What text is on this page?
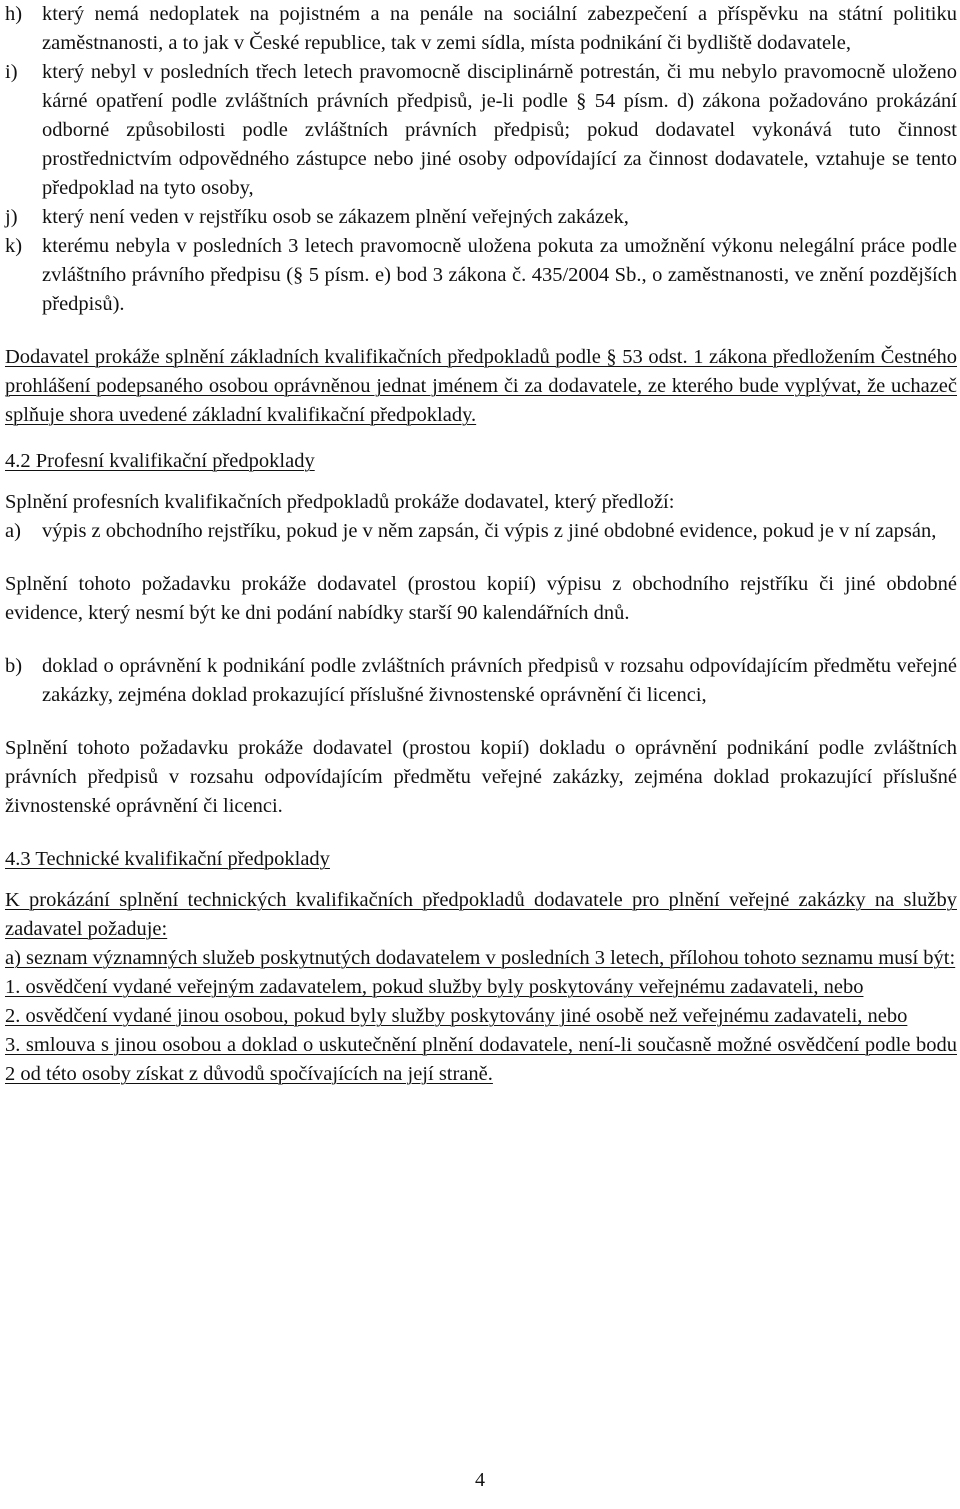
h) který nemá nedoplatek na pojistném a na penále na sociální zabezpečení a příspěvku na státní politiku zaměstnanosti, a to jak v České republice, tak v zemi sídla, místa podnikání či bydliště dodavatele,
i) který nebyl v posledních třech letech pravomocně disciplinárně potrestán, či mu nebylo pravomocně uloženo kárné opatření podle zvláštních právních předpisů, je-li podle § 54 písm. d) zákona požadováno prokázání odborné způsobilosti podle zvláštních právních předpisů; pokud dodavatel vykonává tuto činnost prostřednictvím odpovědného zástupce nebo jiné osoby odpovídající za činnost dodavatele, vztahuje se tento předpoklad na tyto osoby,
j) který není veden v rejstříku osob se zákazem plnění veřejných zakázek,
k) kterému nebyla v posledních 3 letech pravomocně uložena pokuta za umožnění výkonu nelegální práce podle zvláštního právního předpisu (§ 5 písm. e) bod 3 zákona č. 435/2004 Sb., o zaměstnanosti, ve znění pozdějších předpisů).

Dodavatel prokáže splnění základních kvalifikačních předpokladů podle § 53 odst. 1 zákona předložením Čestného prohlášení podepsaného osobou oprávněnou jednat jménem či za dodavatele, ze kterého bude vyplývat, že uchazeč splňuje shora uvedené základní kvalifikační předpoklady.

4.2 Profesní kvalifikační předpoklady

Splnění profesních kvalifikačních předpokladů prokáže dodavatel, který předloží:

a) výpis z obchodního rejstříku, pokud je v něm zapsán, či výpis z jiné obdobné evidence, pokud je v ní zapsán,

Splnění tohoto požadavku prokáže dodavatel (prostou kopií) výpisu z obchodního rejstříku či jiné obdobné evidence, který nesmí být ke dni podání nabídky starší 90 kalendářních dnů.

b) doklad o oprávnění k podnikání podle zvláštních právních předpisů v rozsahu odpovídajícím předmětu veřejné zakázky, zejména doklad prokazující příslušné živnostenské oprávnění či licenci,

Splnění tohoto požadavku prokáže dodavatel (prostou kopií) dokladu o oprávnění podnikání podle zvláštních právních předpisů v rozsahu odpovídajícím předmětu veřejné zakázky, zejména doklad prokazující příslušné živnostenské oprávnění či licenci.

4.3 Technické kvalifikační předpoklady

K prokázání splnění technických kvalifikačních předpokladů dodavatele pro plnění veřejné zakázky na služby zadavatel požaduje:

a) seznam významných služeb poskytnutých dodavatelem v posledních 3 letech, přílohou tohoto seznamu musí být:

1. osvědčení vydané veřejným zadavatelem, pokud služby byly poskytovány veřejnému zadavateli, nebo

2. osvědčení vydané jinou osobou, pokud byly služby poskytovány jiné osobě než veřejnému zadavateli, nebo

3. smlouva s jinou osobou a doklad o uskutečnění plnění dodavatele, není-li současně možné osvědčení podle bodu 2 od této osoby získat z důvodů spočívajících na její straně.

4
